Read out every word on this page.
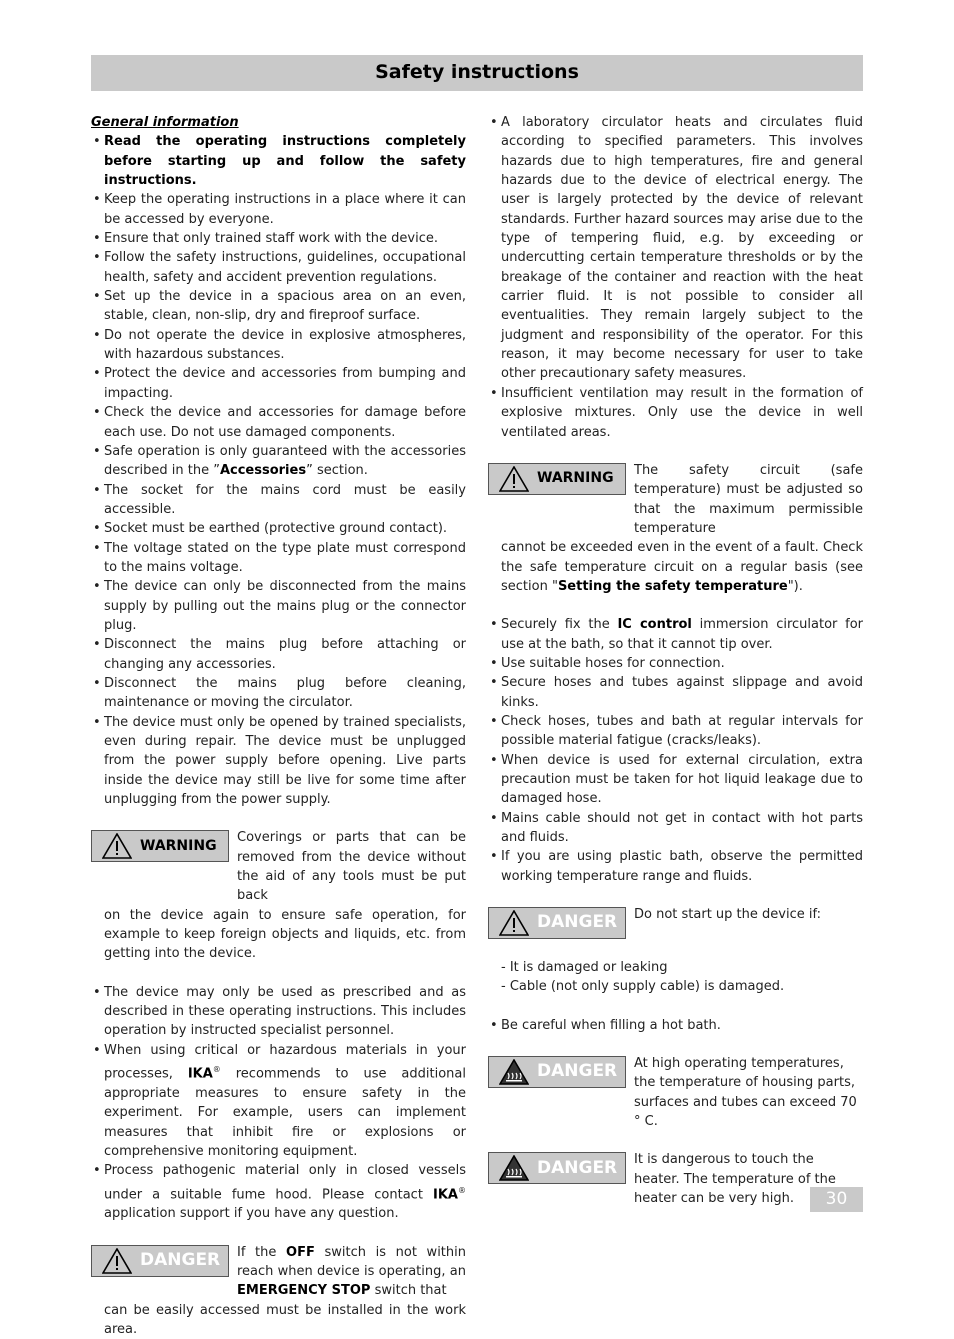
Safety instructions

General information

• Read the operating instructions completely before starting up and follow the safety instructions.
• Keep the operating instructions in a place where it can be accessed by everyone.
• Ensure that only trained staff work with the device.
• Follow the safety instructions, guidelines, occupational health, safety and accident prevention regulations.
• Set up the device in a spacious area on an even, stable, clean, non-slip, dry and fireproof surface.
• Do not operate the device in explosive atmospheres, with hazardous substances.
• Protect the device and accessories from bumping and impacting.
• Check the device and accessories for damage before each use. Do not use damaged components.
• Safe operation is only guaranteed with the accessories described in the ”Accessories” section.
• The socket for the mains cord must be easily accessible.
• Socket must be earthed (protective ground contact).
• The voltage stated on the type plate must correspond to the mains voltage.
• The device can only be disconnected from the mains supply by pulling out the mains plug or the connector plug.
• Disconnect the mains plug before attaching or changing any accessories.
• Disconnect the mains plug before cleaning, maintenance or moving the circulator.
• The device must only be opened by trained specialists, even during repair. The device must be unplugged from the power supply before opening. Live parts inside the device may still be live for some time after unplugging from the power supply.
WARNING Coverings or parts that can be removed from the device without the aid of any tools must be put back
on the device again to ensure safe operation, for example to keep foreign objects and liquids, etc. from getting into the device.
• The device may only be used as prescribed and as described in these operating instructions. This includes operation by instructed specialist personnel.
• When using critical or hazardous materials in your processes, IKA® recommends to use additional appropriate measures to ensure safety in the experiment. For example, users can implement measures that inhibit fire or explosions or comprehensive monitoring equipment.
• Process pathogenic material only in closed vessels under a suitable fume hood. Please contact IKA® application support if you have any question.
DANGER If the OFF switch is not within reach when device is operating, an EMERGENCY STOP switch that
can be easily accessed must be installed in the work area.
• A laboratory circulator heats and circulates fluid according to specified parameters. This involves hazards due to high temperatures, fire and general hazards due to the device of electrical energy. The user is largely protected by the device of relevant standards. Further hazard sources may arise due to the type of tempering fluid, e.g. by exceeding or undercutting certain temperature thresholds or by the breakage of the container and reaction with the heat carrier fluid. It is not possible to consider all eventualities. They remain largely subject to the judgment and responsibility of the operator. For this reason, it may become necessary for user to take other precautionary safety measures.
• Insufficient ventilation may result in the formation of explosive mixtures. Only use the device in well ventilated areas.
WARNING The safety circuit (safe temperature) must be adjusted so that the maximum permissible temperature
cannot be exceeded even in the event of a fault. Check the safe temperature circuit on a regular basis (see section "Setting the safety temperature").
• Securely fix the IC control immersion circulator for use at the bath, so that it cannot tip over.
• Use suitable hoses for connection.
• Secure hoses and tubes against slippage and avoid kinks.
• Check hoses, tubes and bath at regular intervals for possible material fatigue (cracks/leaks).
• When device is used for external circulation, extra precaution must be taken for hot liquid leakage due to damaged hose.
• Mains cable should not get in contact with hot parts and fluids.
• If you are using plastic bath, observe the permitted working temperature range and fluids.
DANGER Do not start up the device if:
- It is damaged or leaking
- Cable (not only supply cable) is damaged.
• Be careful when filling a hot bath.
DANGER At high operating temperatures, the temperature of housing parts, surfaces and tubes can exceed 70 ° C.
DANGER It is dangerous to touch the heater. The temperature of the heater can be very high.	30
